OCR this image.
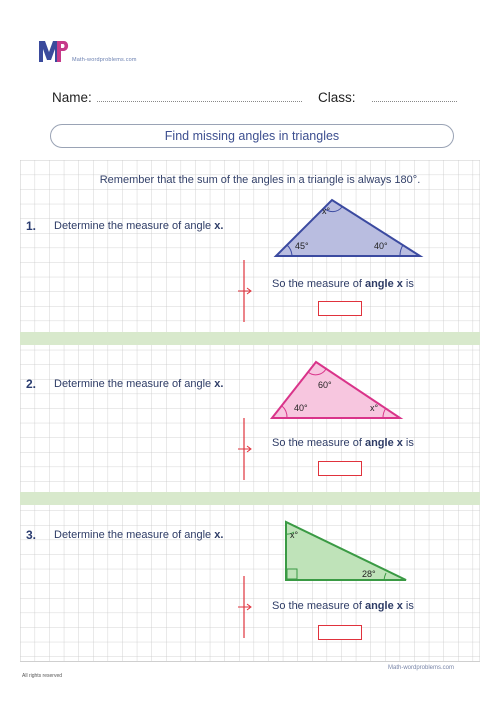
Math-wordproblems.com
Name:	Class:
Find missing angles in triangles
Remember that the sum of the angles in a triangle is always 180°.
1. Determine the measure of angle x.
x°
45°	40°
So the measure of angle x is
2. Determine the measure of angle x.	60°
40°	x°
So the measure of angle x is
3. Determine the measure of angle x.	x°
28°
So the measure of angle x is
Math-wordproblems.com
All rights reserved
